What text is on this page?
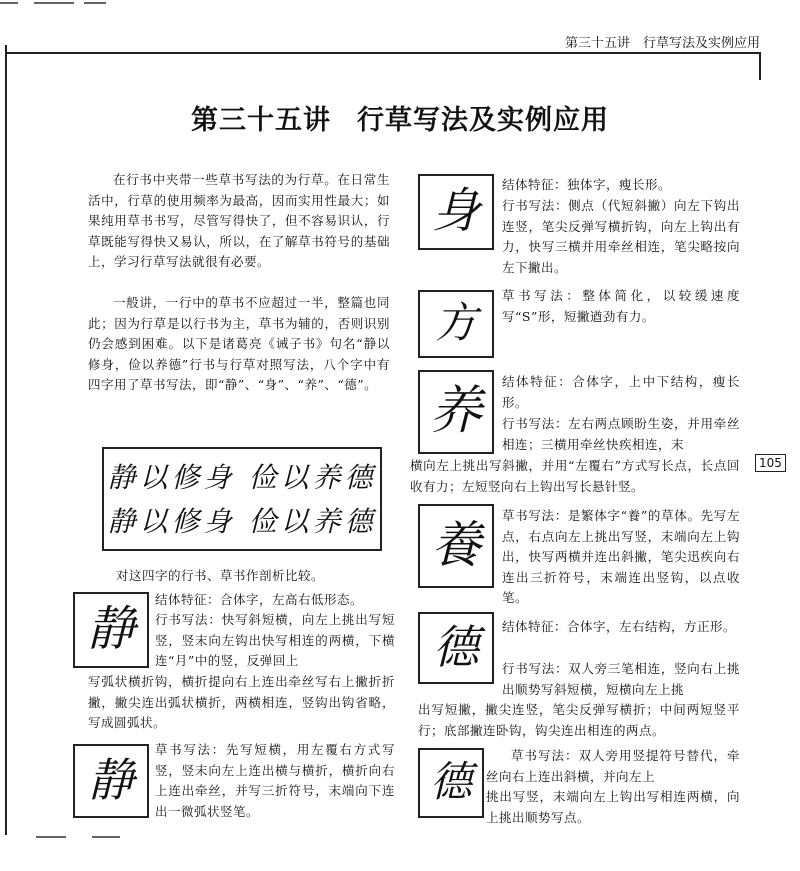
第三十五讲　行草写法及实例应用
第三十五讲 行草写法及实例应用
在行书中夹带一些草书写法的为行草。在日常生活中，行草的使用频率为最高，因而实用性最大；如果纯用草书书写，尽管写得快了，但不容易识认，行草既能写得快又易认，所以，在了解草书符号的基础上，学习行草写法就很有必要。
一般讲，一行中的草书不应超过一半，整篇也同此；因为行草是以行书为主，草书为辅的，否则识别仍会感到困难。以下是诸葛亮《诫子书》句名“静以修身，俭以养德”行书与行草对照写法，八个字中有四字用了草书写法，即“静”、“身”、“养”、“德”。
静以修身 俭以养德
静以修身 俭以养德
对这四字的行书、草书作剖析比较。
静
结体特征：合体字，左高右低形态。
行书写法：快写斜短横，向左上挑出写短竖，竖末向左钩出快写相连的两横，下横连“月”中的竖，反弹回上
写弧状横折钩，横折提向右上连出牵丝写右上撇折折撇，撇尖连出弧状横折，两横相连，竖钩出钩省略，写成圆弧状。
静
草书写法：先写短横，用左覆右方式写竖，竖末向左上连出横与横折，横折向右上连出牵丝，并写三折符号，末端向下连出一微弧状竖笔。
身	结体特征：独体字，瘦长形。
行书写法：侧点（代短斜撇）向左下钩出连竖，笔尖反弹写横折钩，向左上钩出有力，快写三横并用牵丝相连，笔尖略按向左下撇出。
方
草书写法：整体简化，以较缓速度写“S”形，短撇遒劲有力。
养	结体特征：合体字，上中下结构，瘦长形。
行书写法：左右两点顾盼生姿，并用牵丝相连；三横用牵丝快疾相连，末
横向左上挑出写斜撇，并用“左覆右”方式写长点，长点回收有力；左短竖向右上钩出写长悬针竖。
105
養
草书写法：是繁体字“養”的草体。先写左点，右点向左上挑出写竖，末端向左上钩出，快写两横并连出斜撇，笔尖迅疾向右连出三折符号，末端连出竖钩，以点收笔。
德	结体特征：合体字，左右结构，方正形。
行书写法：双人旁三笔相连，竖向右上挑出顺势写斜短横，短横向左上挑
出写短撇，撇尖连竖，笔尖反弹写横折；中间两短竖平行；底部撇连卧钩，钩尖连出相连的两点。
德
草书写法：双人旁用竖提符号替代，牵丝向右上连出斜横，并向左上
挑出写竖，末端向左上钩出写相连两横，向上挑出顺势写点。
